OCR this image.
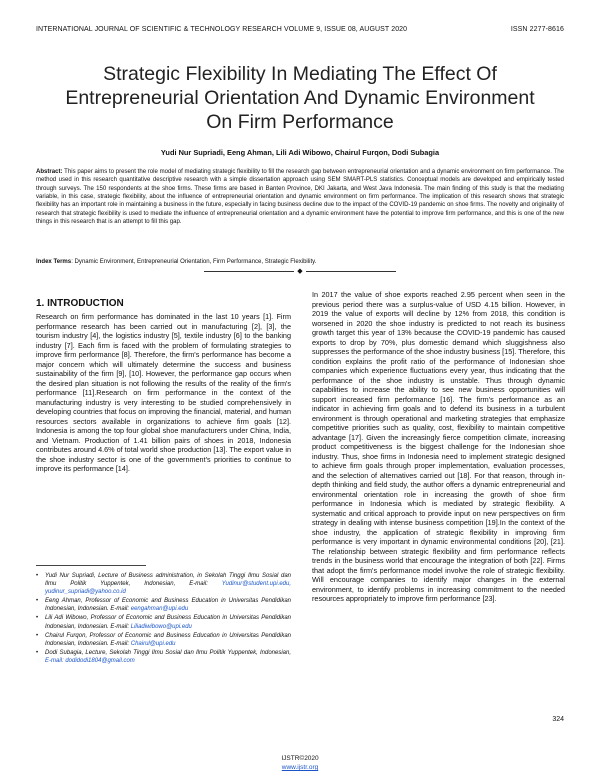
INTERNATIONAL JOURNAL OF SCIENTIFIC & TECHNOLOGY RESEARCH VOLUME 9, ISSUE 08, AUGUST 2020	ISSN 2277-8616
Strategic Flexibility In Mediating The Effect Of Entrepreneurial Orientation And Dynamic Environment On Firm Performance
Yudi Nur Supriadi, Eeng Ahman, Lili Adi Wibowo, Chairul Furqon, Dodi Subagia
Abstract: This paper aims to present the role model of mediating strategic flexibility to fill the research gap between entrepreneurial orientation and a dynamic environment on firm performance. The method used in this research quantitative descriptive research with a simple dissertation approach using SEM SMART-PLS statistics. Conceptual models are developed and empirically tested through surveys. The 150 respondents at the shoe firms. These firms are based in Banten Province, DKI Jakarta, and West Java Indonesia. The main finding of this study is that the mediating variable, in this case, strategic flexibility, about the influence of entrepreneurial orientation and dynamic environment on firm performance. The implication of this research shows that strategic flexibility has an important role in maintaining a business in the future, especially in facing business decline due to the impact of the COVID-19 pandemic on shoe firms. The novelty and originality of research that strategic flexibility is used to mediate the influence of entrepreneurial orientation and a dynamic environment have the potential to improve firm performance, and this is one of the new things in this research that is an attempt to fill this gap.
Index Terms: Dynamic Environment, Entrepreneurial Orientation, Firm Performance, Strategic Flexibility.
◆
1. INTRODUCTION

Research on firm performance has dominated in the last 10 years [1]. Firm performance research has been carried out in manufacturing [2], [3], the tourism industry [4], the logistics industry [5], textile industry [6] to the banking industry [7]. Each firm is faced with the problem of formulating strategies to improve firm performance [8]. Therefore, the firm's performance has become a major concern which will ultimately determine the success and business sustainability of the firm [9], [10]. However, the performance gap occurs when the desired plan situation is not following the results of the reality of the firm's performance [11].Research on firm performance in the context of the manufacturing industry is very interesting to be studied comprehensively in developing countries that focus on improving the financial, material, and human resources sectors available in organizations to achieve firm goals [12]. Indonesia is among the top four global shoe manufacturers under China, India, and Vietnam. Production of 1.41 billion pairs of shoes in 2018, Indonesia contributes around 4.6% of total world shoe production [13]. The export value in the shoe industry sector is one of the government's priorities to continue to improve its performance [14].

In 2017 the value of shoe exports reached 2.95 percent when seen in the previous period there was a surplus-value of USD 4.15 billion. However, in 2019 the value of exports will decline by 12% from 2018, this condition is worsened in 2020 the shoe industry is predicted to not reach its business growth target this year of 13% because the COVID-19 pandemic has caused exports to drop by 70%, plus domestic demand which sluggishness also suppresses the performance of the shoe industry business [15]. Therefore, this condition explains the profit ratio of the performance of Indonesian shoe companies which experience fluctuations every year, thus indicating that the performance of the shoe industry is unstable. Thus through dynamic capabilities to increase the ability to see new business opportunities will support increased firm performance [16]. The firm's performance as an indicator in achieving firm goals and to defend its business in a turbulent environment is through operational and marketing strategies that emphasize competitive priorities such as quality, cost, flexibility to maintain competitive advantage [17]. Given the increasingly fierce competition climate, increasing product competitiveness is the biggest challenge for the Indonesian shoe industry. Thus, shoe firms in Indonesia need to implement strategic designed to achieve firm goals through proper implementation, evaluation processes, and the selection of alternatives carried out [18]. For that reason, through in-depth thinking and field study, the author offers a dynamic entrepreneurial and environmental orientation role in increasing the growth of shoe firm performance in Indonesia which is mediated by strategic flexibility. A systematic and critical approach to provide input on new perspectives on firm strategy in dealing with intense business competition [19].In the context of the shoe industry, the application of strategic flexibility in improving firm performance is very important in dynamic environmental conditions [20], [21]. The relationship between strategic flexibility and firm performance reflects trends in the business world that encourage the integration of both [22]. Firms that adopt the firm's performance model involve the role of strategic flexibility. Will encourage companies to identify major changes in the external environment, to identify problems in increasing commitment to the needed resources appropriately to improve firm performance [23].

• Yudi Nur Supriadi, Lecture of Business administration, in Sekolah Tinggi Ilmu Sosial dan Ilmu Politik Yuppentek, Indonesian, E-mail: Yudinur@student.upi.edu, yudinur_supriadi@yahoo.co.id
• Eeng Ahman, Professor of Economic and Business Education in Universitas Pendidikan Indonesian, Indonesian. E-mail: eengahman@upi.edu
• Lili Adi Wibowo, Professor of Economic and Business Education in Universitas Pendidikan Indonesian, Indonesian. E-mail: Liliadiwibowo@upi.edu
• Chairul Furqon, Professor of Economic and Business Education in Universitas Pendidikan Indonesian, Indonesian. E-mail: Chairul@upi.edu
• Dodi Subagia, Lecture, Sekolah Tinggi Ilmu Sosial dan Ilmu Politik Yuppentek, Indonesian, E-mail: dodidodi1804@gmail.com
324
IJSTR©2020
www.ijstr.org
